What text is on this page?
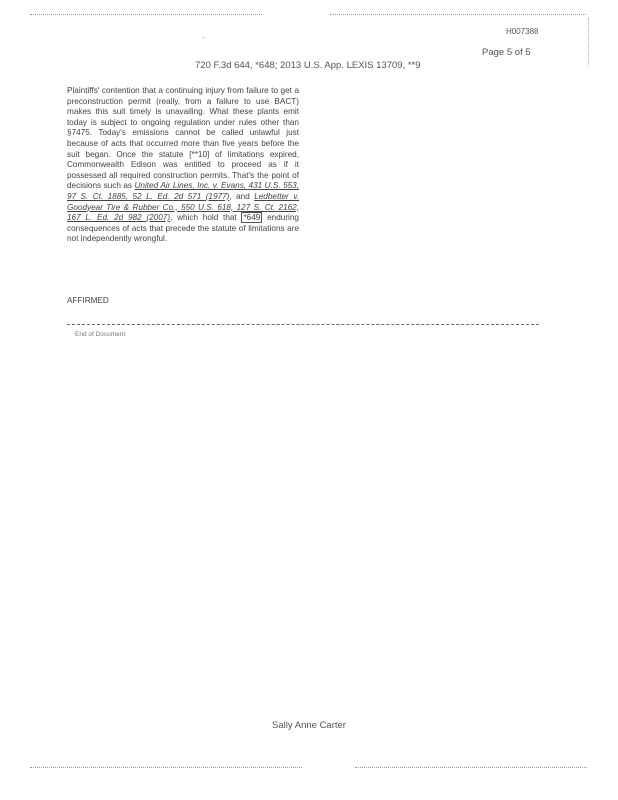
H007388
Page 5 of 5
720 F.3d 644, *648; 2013 U.S. App. LEXIS 13709, **9
Plaintiffs' contention that a continuing injury from failure to get a preconstruction permit (really, from a failure to use BACT) makes this suit timely is unavailing. What these plants emit today is subject to ongoing regulation under rules other than §7475. Today's emissions cannot be called unlawful just because of acts that occurred more than five years before the suit began. Once the statute [**10] of limitations expired, Commonwealth Edison was entitled to proceed as if it possessed all required construction permits. That's the point of decisions such as United Air Lines, Inc. v. Evans, 431 U.S. 553, 97 S. Ct. 1885, 52 L. Ed. 2d 571 (1977), and Ledbetter v. Goodyear Tire & Rubber Co., 550 U.S. 618, 127 S. Ct. 2162, 167 L. Ed. 2d 982 (2007), which hold that *649 enduring consequences of acts that precede the statute of limitations are not independently wrongful.
AFFIRMED
End of Document
Sally Anne Carter
